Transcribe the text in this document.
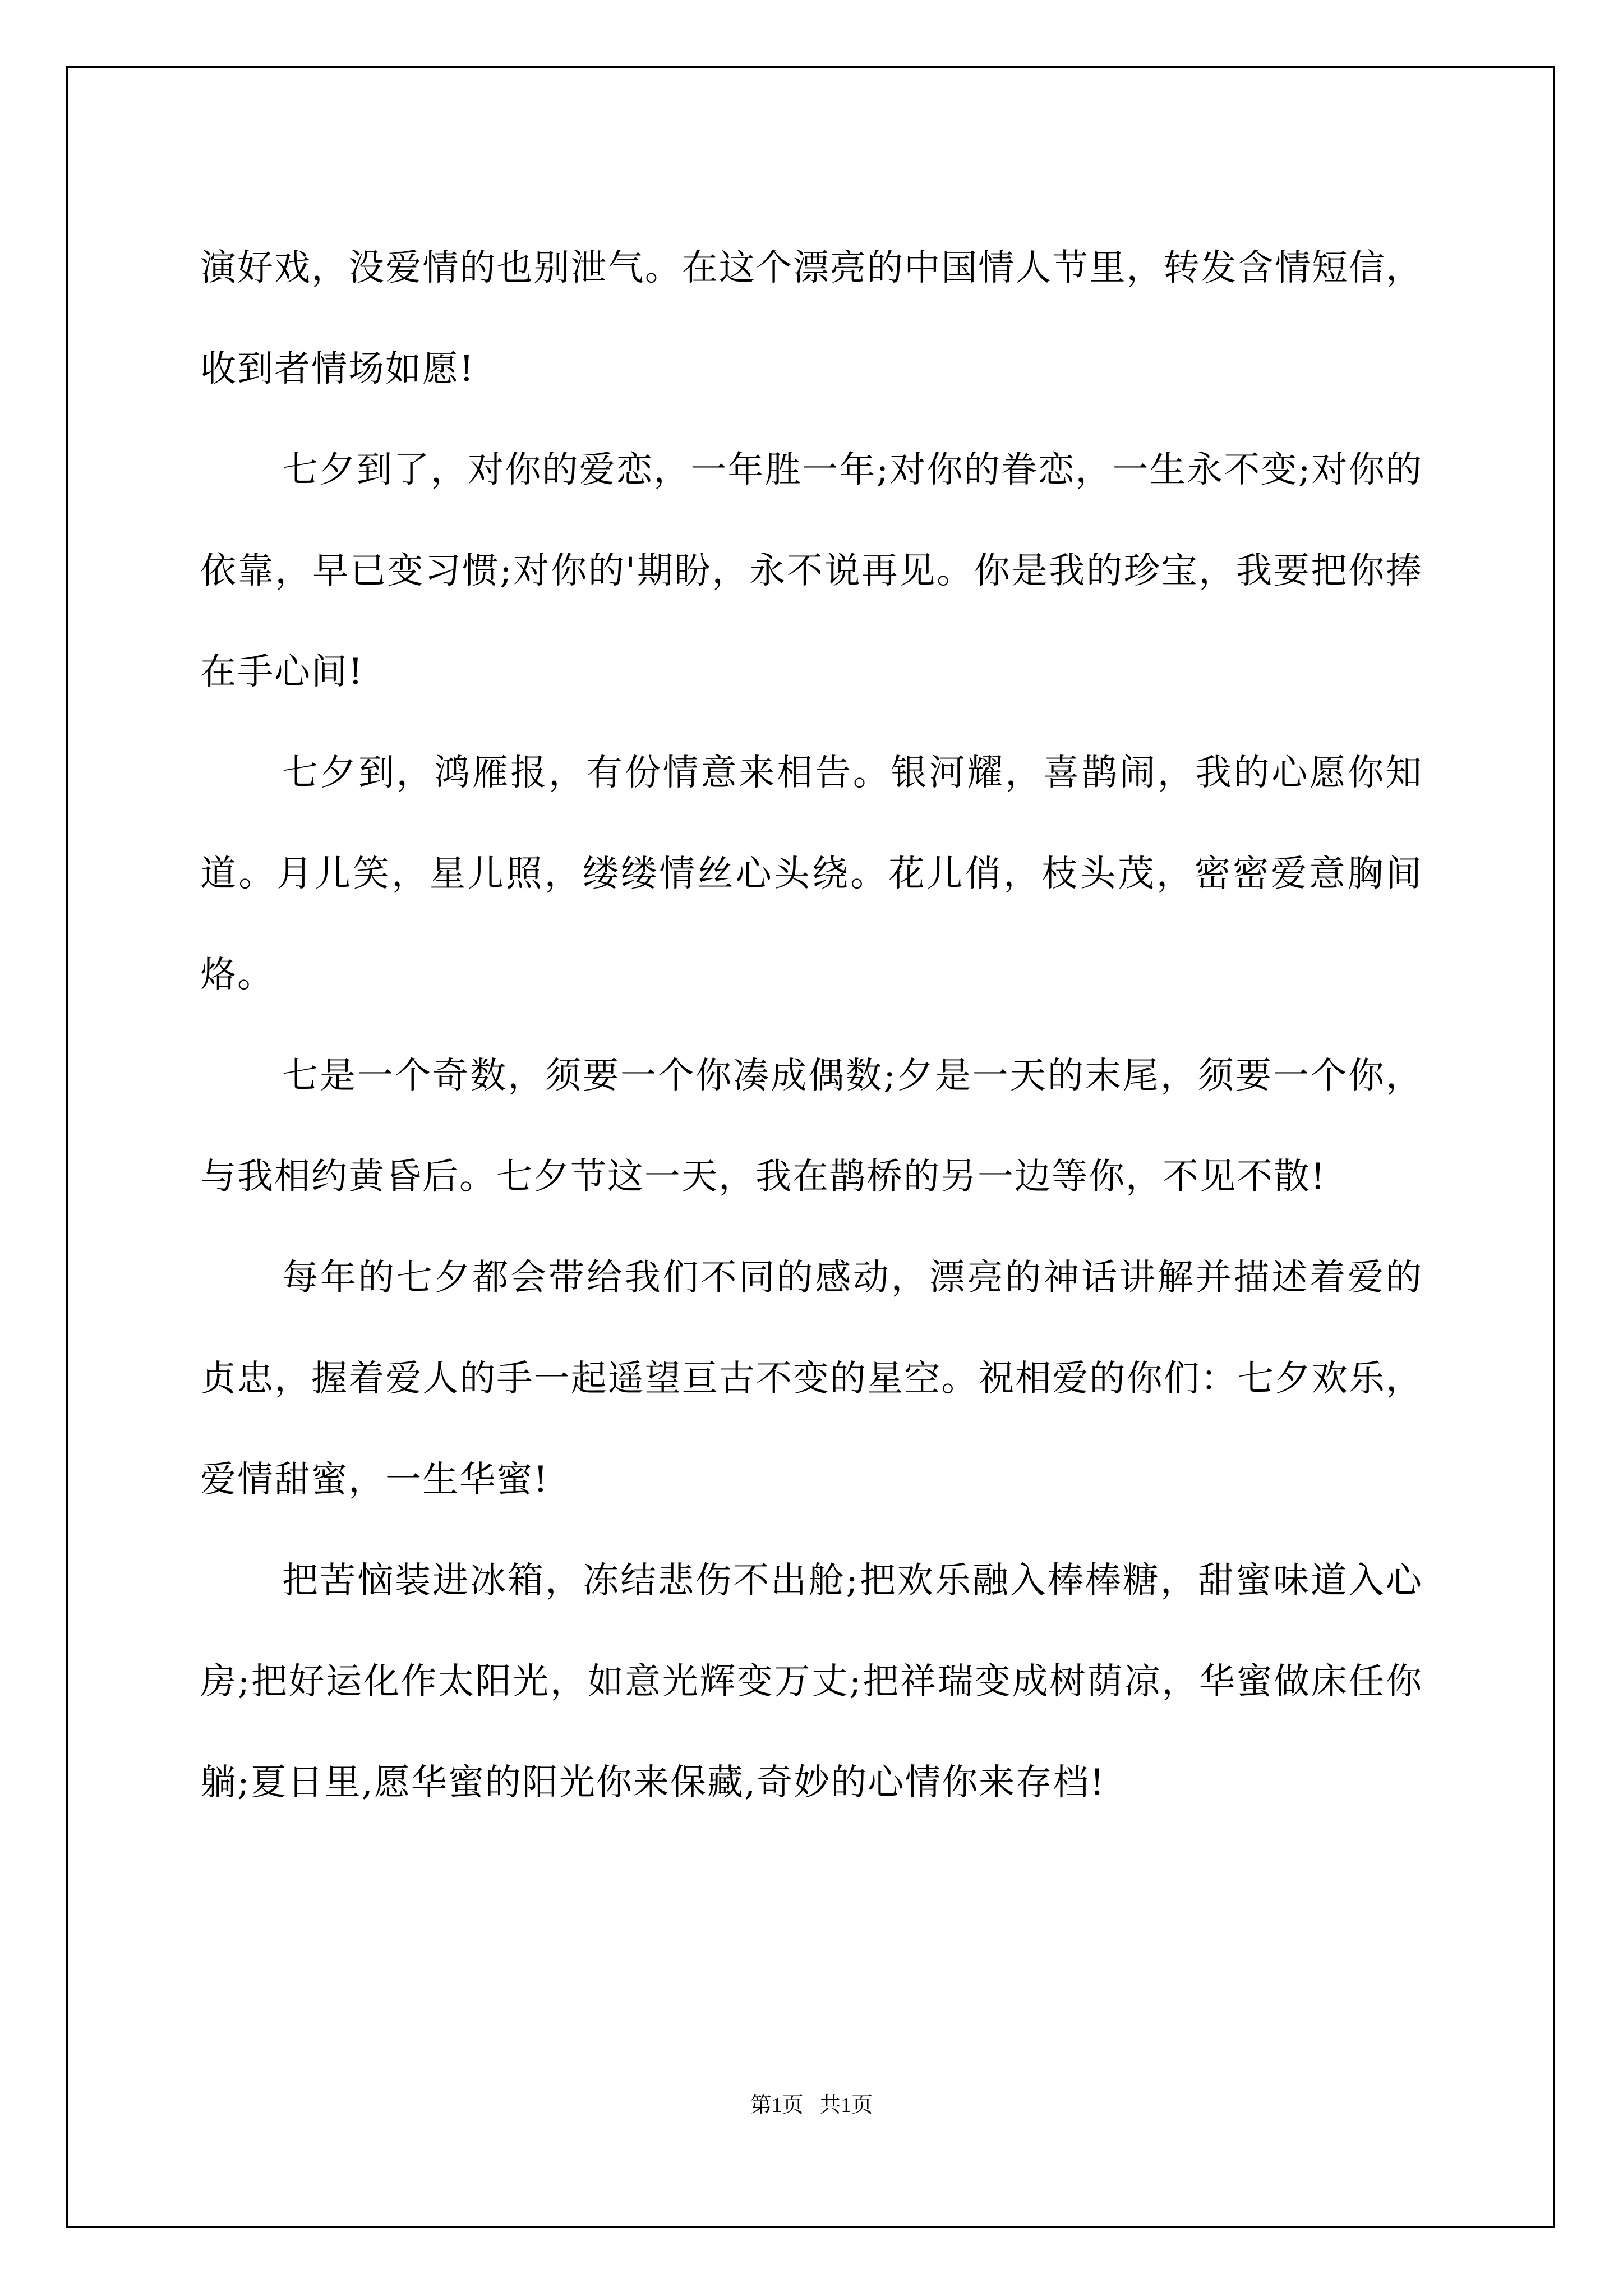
演好戏，没爱情的也别泄气。在这个漂亮的中国情人节里，转发含情短信，收到者情场如愿!

七夕到了，对你的爱恋，一年胜一年;对你的眷恋，一生永不变;对你的依靠，早已变习惯;对你的'期盼，永不说再见。你是我的珍宝，我要把你捧在手心间!

七夕到，鸿雁报，有份情意来相告。银河耀，喜鹊闹，我的心愿你知道。月儿笑，星儿照，缕缕情丝心头绕。花儿俏，枝头茂，密密爱意胸间烙。

七是一个奇数，须要一个你凑成偶数;夕是一天的末尾，须要一个你，与我相约黄昏后。七夕节这一天，我在鹊桥的另一边等你，不见不散!

每年的七夕都会带给我们不同的感动，漂亮的神话讲解并描述着爱的贞忠，握着爱人的手一起遥望亘古不变的星空。祝相爱的你们：七夕欢乐，爱情甜蜜，一生华蜜!

把苦恼装进冰箱，冻结悲伤不出舱;把欢乐融入棒棒糖，甜蜜味道入心房;把好运化作太阳光，如意光辉变万丈;把祥瑞变成树荫凉，华蜜做床任你躺;夏日里,愿华蜜的阳光你来保藏,奇妙的心情你来存档!

第1页   共1页
